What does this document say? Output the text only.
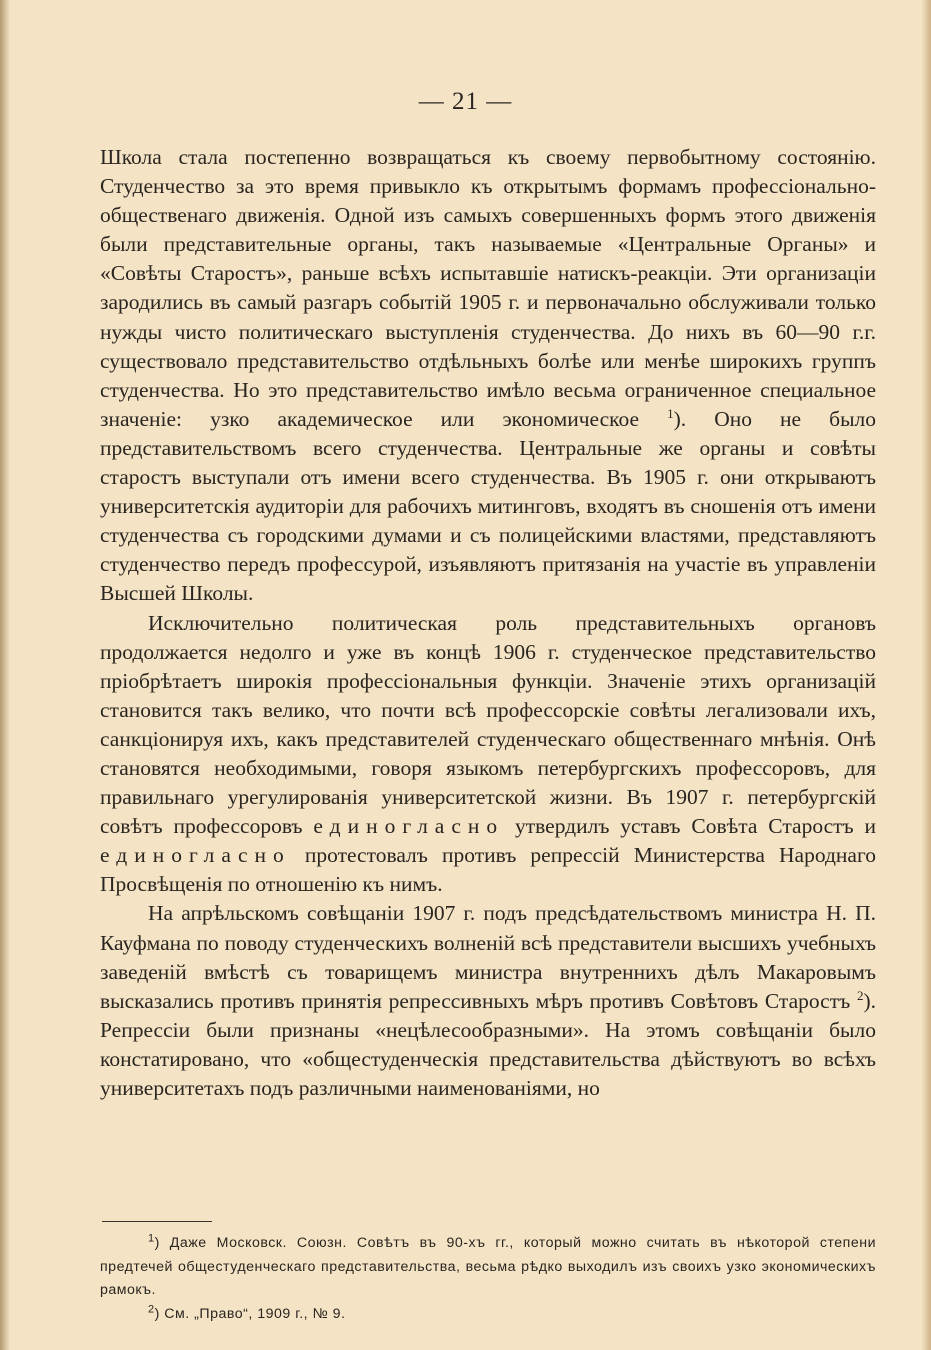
— 21 —

Школа стала постепенно возвращаться къ своему первобытному состоянію. Студенчество за это время привыкло къ открытымъ формамъ профессіонально-общественаго движенія. Одной изъ самыхъ совершенныхъ формъ этого движенія были представительные органы, такъ называемые «Центральные Органы» и «Совѣты Старостъ», раньше всѣхъ испытавшіе натискъ-реакціи. Эти организаціи зародились въ самый разгаръ событій 1905 г. и первоначально обслуживали только нужды чисто политическаго выступленія студенчества. До нихъ въ 60—90 г.г. существовало представительство отдѣльныхъ болѣе или менѣе широкихъ группъ студенчества. Но это представительство имѣло весьма ограниченное специальное значеніе: узко академическое или экономическое $^1$). Оно не было представительствомъ всего студенчества. Центральные же органы и совѣты старостъ выступали отъ имени всего студенчества. Въ 1905 г. они открываютъ университетскія аудиторіи для рабочихъ митинговъ, входятъ въ сношенія отъ имени студенчества съ городскими думами и съ полицейскими властями, представляютъ студенчество передъ профессурой, изъявляютъ притязанія на участіе въ управленіи Высшей Школы.

Исключительно политическая роль представительныхъ органовъ продолжается недолго и уже въ концѣ 1906 г. студенческое представительство пріобрѣтаетъ широкія профессіональныя функціи. Значеніе этихъ организацій становится такъ велико, что почти всѣ профессорскіе совѣты легализовали ихъ, санкціонируя ихъ, какъ представителей студенческаго общественнаго мнѣнія. Онѣ становятся необходимыми, говоря языкомъ петербургскихъ профессоровъ, для правильнаго урегулированія университетской жизни. Въ 1907 г. петербургскій совѣтъ профессоровъ единогласно утвердилъ уставъ Совѣта Старостъ и единогласно протестовалъ противъ репрессій Министерства Народнаго Просвѣщенія по отношенію къ нимъ.

На апрѣльскомъ совѣщаніи 1907 г. подъ предсѣдательствомъ министра Н. П. Кауфмана по поводу студенческихъ волненій всѣ представители высшихъ учебныхъ заведеній вмѣстѣ съ товарищемъ министра внутреннихъ дѣлъ Макаровымъ высказались противъ принятія репрессивныхъ мѣръ противъ Совѣтовъ Старостъ $^2$). Репрессіи были признаны «нецѣлесообразными». На этомъ совѣщаніи было констатировано, что «общестуденческія представительства дѣйствуютъ во всѣхъ университетахъ подъ различными наименованіями, но

$^1$) Даже Московск. Союзн. Совѣтъ въ 90-хъ гг., который можно считать въ нѣкоторой степени предтечей общестуденческаго представительства, весьма рѣдко выходилъ изъ своихъ узко экономическихъ рамокъ.

$^2$) См. „Право“, 1909 г., № 9.
